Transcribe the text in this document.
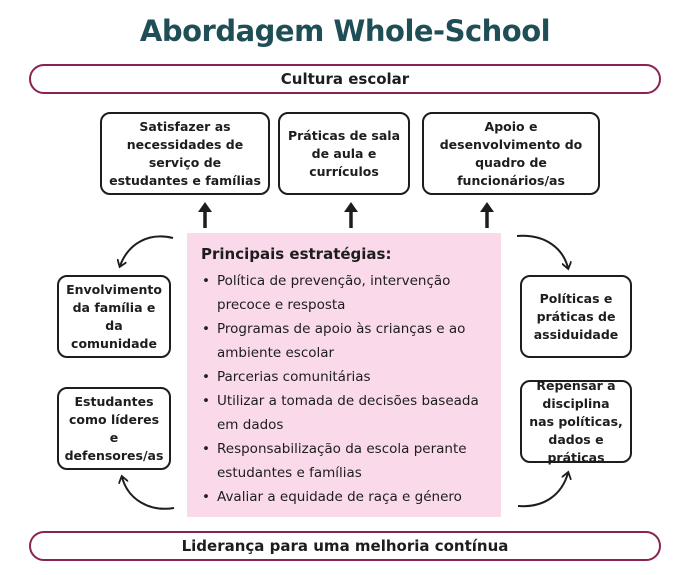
Abordagem Whole-School
Cultura escolar
Satisfazer as necessidades de serviço de estudantes e famílias
Práticas de sala de aula e currículos
Apoio e desenvolvimento do quadro de funcionários/as
Envolvimento da família e da comunidade
Estudantes como líderes e defensores/as
Políticas e práticas de assiduidade
Repensar a disciplina nas políticas, dados e práticas
Principais estratégias:
• Política de prevenção, intervenção precoce e resposta
• Programas de apoio às crianças e ao ambiente escolar
• Parcerias comunitárias
• Utilizar a tomada de decisões baseada em dados
• Responsabilização da escola perante estudantes e famílias
• Avaliar a equidade de raça e género
Liderança para uma melhoria contínua
